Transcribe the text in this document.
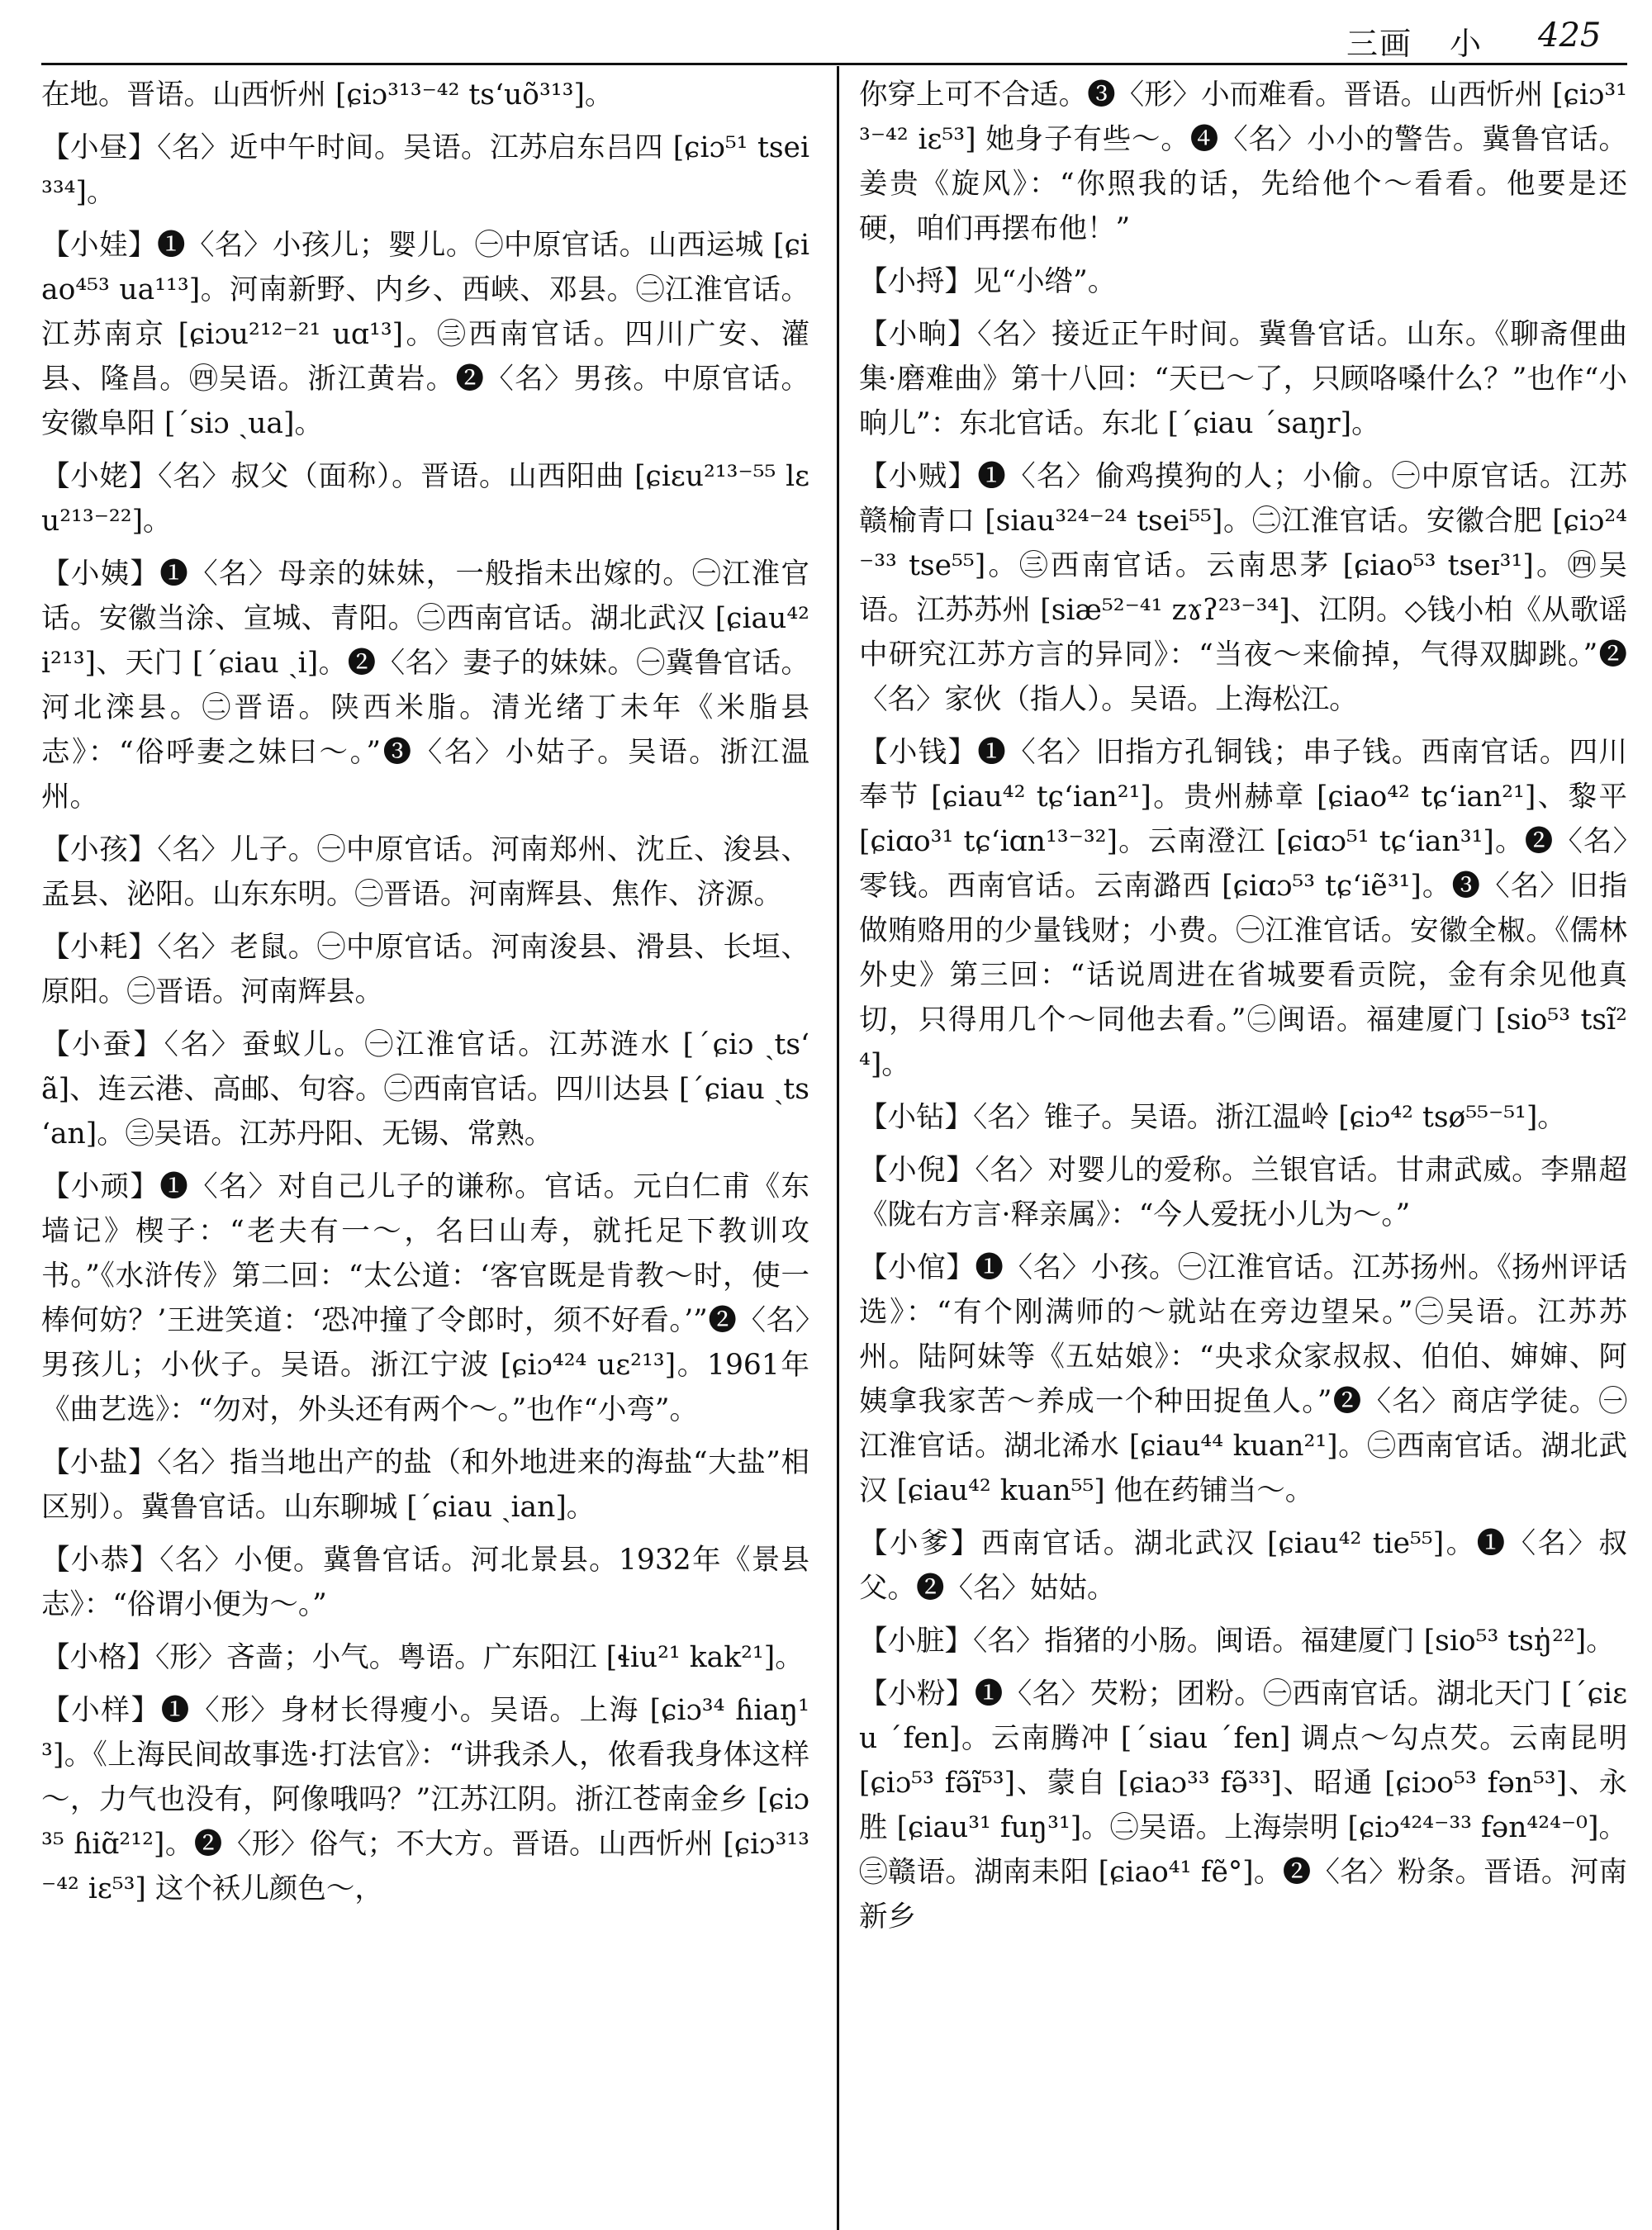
三画 小 425

在地。晋语。山西忻州 [ɕiɔ³¹³⁻⁴² tsʻuõ³¹³]。

【小昼】〈名〉近中午时间。吴语。江苏启东吕四 [ɕiɔ⁵¹ tsei³³⁴]。

【小娃】❶〈名〉小孩儿；婴儿。㊀中原官话。山西运城 [ɕiao⁴⁵³ ua¹¹³]。河南新野、内乡、西峡、邓县。㊁江淮官话。江苏南京 [ɕiɔu²¹²⁻²¹ uɑ¹³]。㊂西南官话。四川广安、灌县、隆昌。㊃吴语。浙江黄岩。❷〈名〉男孩。中原官话。安徽阜阳 [ˊsiɔ ˏua]。

【小姥】〈名〉叔父（面称）。晋语。山西阳曲 [ɕiɛu²¹³⁻⁵⁵ lɛu²¹³⁻²²]。

【小姨】❶〈名〉母亲的妹妹，一般指未出嫁的。㊀江淮官话。安徽当涂、宣城、青阳。㊁西南官话。湖北武汉 [ɕiau⁴² i²¹³]、天门 [ˊɕiau ˏi]。❷〈名〉妻子的妹妹。㊀冀鲁官话。河北滦县。㊁晋语。陕西米脂。清光绪丁未年《米脂县志》：“俗呼妻之妹曰～。”❸〈名〉小姑子。吴语。浙江温州。

【小孩】〈名〉儿子。㊀中原官话。河南郑州、沈丘、浚县、孟县、泌阳。山东东明。㊁晋语。河南辉县、焦作、济源。

【小耗】〈名〉老鼠。㊀中原官话。河南浚县、滑县、长垣、原阳。㊁晋语。河南辉县。

【小蚕】〈名〉蚕蚁儿。㊀江淮官话。江苏涟水 [ˊɕiɔ ˏtsʻã]、连云港、高邮、句容。㊁西南官话。四川达县 [ˊɕiau ˏtsʻan]。㊂吴语。江苏丹阳、无锡、常熟。

【小顽】❶〈名〉对自己儿子的谦称。官话。元白仁甫《东墙记》楔子：“老夫有一～，名曰山寿，就托足下教训攻书。”《水浒传》第二回：“太公道：‘客官既是肯教～时，使一棒何妨？’王进笑道：‘恐冲撞了令郎时，须不好看。’”❷〈名〉男孩儿；小伙子。吴语。浙江宁波 [ɕiɔ⁴²⁴ uɛ²¹³]。1961年《曲艺选》：“勿对，外头还有两个～。”也作“小弯”。

【小盐】〈名〉指当地出产的盐（和外地进来的海盐“大盐”相区别）。冀鲁官话。山东聊城 [ˊɕiau ˏian]。

【小恭】〈名〉小便。冀鲁官话。河北景县。1932年《景县志》：“俗谓小便为～。”

【小格】〈形〉吝啬；小气。粤语。广东阳江 [ɬiu²¹ kak²¹]。

【小样】❶〈形〉身材长得瘦小。吴语。上海 [ɕiɔ³⁴ ɦiaŋ¹³]。《上海民间故事选·打法官》：“讲我杀人，侬看我身体这样～，力气也没有，阿像哦吗？”江苏江阴。浙江苍南金乡 [ɕiɔ³⁵ ɦiɑ̃²¹²]。❷〈形〉俗气；不大方。晋语。山西忻州 [ɕiɔ³¹³⁻⁴² iɛ⁵³] 这个袄儿颜色～，

你穿上可不合适。❸〈形〉小而难看。晋语。山西忻州 [ɕiɔ³¹³⁻⁴² iɛ⁵³] 她身子有些～。❹〈名〉小小的警告。冀鲁官话。姜贵《旋风》：“你照我的话，先给他个～看看。他要是还硬，咱们再摆布他！”

【小捋】见“小绺”。

【小晌】〈名〉接近正午时间。冀鲁官话。山东。《聊斋俚曲集·磨难曲》第十八回：“天已～了，只顾咯嗓什么？”也作“小晌儿”：东北官话。东北 [ˊɕiau ˊsaŋr]。

【小贼】❶〈名〉偷鸡摸狗的人；小偷。㊀中原官话。江苏赣榆青口 [siau³²⁴⁻²⁴ tsei⁵⁵]。㊁江淮官话。安徽合肥 [ɕiɔ²⁴⁻³³ tse⁵⁵]。㊂西南官话。云南思茅 [ɕiao⁵³ tseɪ³¹]。㊃吴语。江苏苏州 [siæ⁵²⁻⁴¹ zɤʔ²³⁻³⁴]、江阴。◇钱小柏《从歌谣中研究江苏方言的异同》：“当夜～来偷掉，气得双脚跳。”❷〈名〉家伙（指人）。吴语。上海松江。

【小钱】❶〈名〉旧指方孔铜钱；串子钱。西南官话。四川奉节 [ɕiau⁴² tɕʻian²¹]。贵州赫章 [ɕiao⁴² tɕʻian²¹]、黎平 [ɕiɑo³¹ tɕʻiɑn¹³⁻³²]。云南澄江 [ɕiɑɔ⁵¹ tɕʻian³¹]。❷〈名〉零钱。西南官话。云南潞西 [ɕiɑɔ⁵³ tɕʻiẽ³¹]。❸〈名〉旧指做贿赂用的少量钱财；小费。㊀江淮官话。安徽全椒。《儒林外史》第三回：“话说周进在省城要看贡院，金有余见他真切，只得用几个～同他去看。”㊁闽语。福建厦门 [sio⁵³ tsĩ²⁴]。

【小钻】〈名〉锥子。吴语。浙江温岭 [ɕiɔ⁴² tsø⁵⁵⁻⁵¹]。

【小倪】〈名〉对婴儿的爱称。兰银官话。甘肃武威。李鼎超《陇右方言·释亲属》：“今人爱抚小儿为～。”

【小倌】❶〈名〉小孩。㊀江淮官话。江苏扬州。《扬州评话选》：“有个刚满师的～就站在旁边望呆。”㊁吴语。江苏苏州。陆阿妹等《五姑娘》：“央求众家叔叔、伯伯、婶婶、阿姨拿我家苦～养成一个种田捉鱼人。”❷〈名〉商店学徒。㊀江淮官话。湖北浠水 [ɕiau⁴⁴ kuan²¹]。㊁西南官话。湖北武汉 [ɕiau⁴² kuan⁵⁵] 他在药铺当～。

【小爹】西南官话。湖北武汉 [ɕiau⁴² tie⁵⁵]。❶〈名〉叔父。❷〈名〉姑姑。

【小脏】〈名〉指猪的小肠。闽语。福建厦门 [sio⁵³ tsŋ̍²²]。

【小粉】❶〈名〉芡粉；团粉。㊀西南官话。湖北天门 [ˊɕiɛu ˊfen]。云南腾冲 [ˊsiau ˊfen] 调点～勾点芡。云南昆明 [ɕiɔ⁵³ fə̃ĩ⁵³]、蒙自 [ɕiaɔ³³ fə̃³³]、昭通 [ɕiɔo⁵³ fən⁵³]、永胜 [ɕiau³¹ fuŋ³¹]。㊁吴语。上海崇明 [ɕiɔ⁴²⁴⁻³³ fən⁴²⁴⁻⁰]。㊂赣语。湖南耒阳 [ɕiao⁴¹ fẽ°]。❷〈名〉粉条。晋语。河南新乡
